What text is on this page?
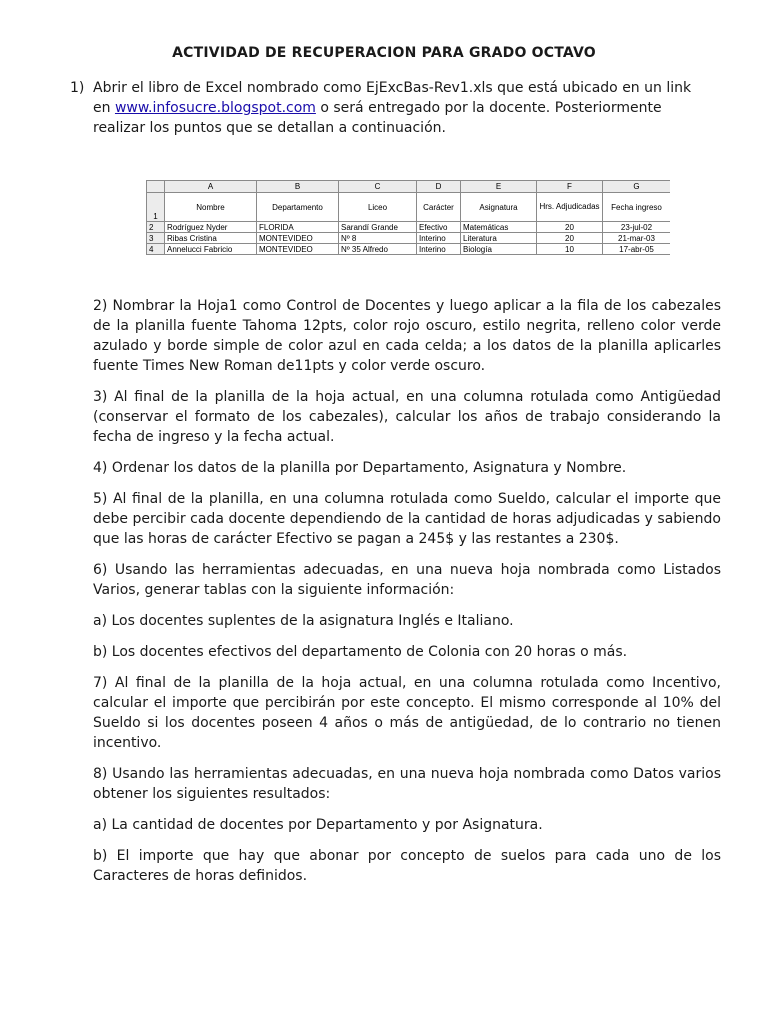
ACTIVIDAD DE RECUPERACION PARA GRADO OCTAVO
1) Abrir el libro de Excel nombrado como EjExcBas-Rev1.xls que está ubicado en un link en www.infosucre.blogspot.com o será entregado por la docente. Posteriormente realizar los puntos que se detallan a continuación.
	A	B	C	D	E	F	G
1	Nombre	Departamento	Liceo	Carácter	Asignatura	Hrs. Adjudicadas	Fecha ingreso
2	Rodríguez Nyder	FLORIDA	Sarandí Grande	Efectivo	Matemáticas	20	23-jul-02
3	Ribas Cristina	MONTEVIDEO	Nº 8	Interino	Literatura	20	21-mar-03
4	Annelucci Fabricio	MONTEVIDEO	Nº 35 Alfredo	Interino	Biología	10	17-abr-05

2) Nombrar la Hoja1 como Control de Docentes y luego aplicar a la fila de los cabezales de la planilla fuente Tahoma 12pts, color rojo oscuro, estilo negrita, relleno color verde azulado y borde simple de color azul en cada celda; a los datos de la planilla aplicarles fuente Times New Roman de11pts y color verde oscuro.

3) Al final de la planilla de la hoja actual, en una columna rotulada como Antigüedad (conservar el formato de los cabezales), calcular los años de trabajo considerando la fecha de ingreso y la fecha actual.

4) Ordenar los datos de la planilla por Departamento, Asignatura y Nombre.

5) Al final de la planilla, en una columna rotulada como Sueldo, calcular el importe que debe percibir cada docente dependiendo de la cantidad de horas adjudicadas y sabiendo que las horas de carácter Efectivo se pagan a 245$ y las restantes a 230$.

6) Usando las herramientas adecuadas, en una nueva hoja nombrada como Listados Varios, generar tablas con la siguiente información:

a) Los docentes suplentes de la asignatura Inglés e Italiano.

b) Los docentes efectivos del departamento de Colonia con 20 horas o más.

7) Al final de la planilla de la hoja actual, en una columna rotulada como Incentivo, calcular el importe que percibirán por este concepto. El mismo corresponde al 10% del Sueldo si los docentes poseen 4 años o más de antigüedad, de lo contrario no tienen incentivo.

8) Usando las herramientas adecuadas, en una nueva hoja nombrada como Datos varios obtener los siguientes resultados:

a) La cantidad de docentes por Departamento y por Asignatura.

b) El importe que hay que abonar por concepto de suelos para cada uno de los Caracteres de horas definidos.
